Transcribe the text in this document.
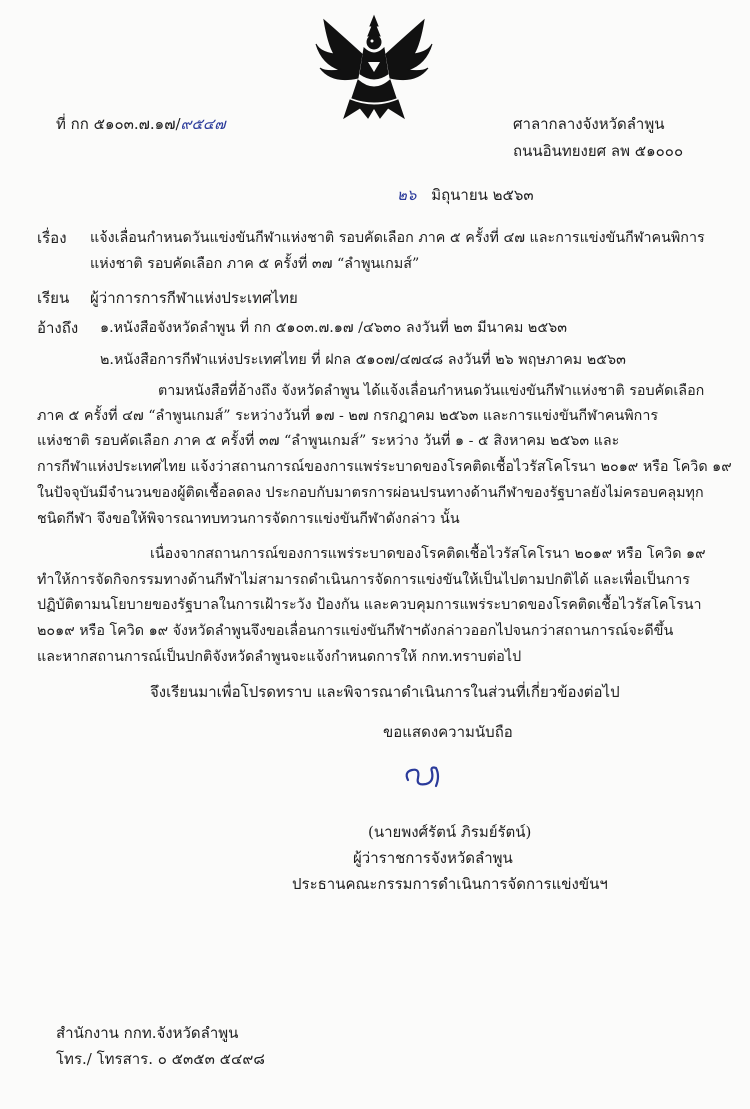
ที่ กก ๕๑๐๓.๗.๑๗/๙๕๔๗	ศาลากลางจังหวัดลำพูน
ถนนอินทยงยศ ลพ ๕๑๐๐๐
๒๖ มิถุนายน ๒๕๖๓
เรื่อง แจ้งเลื่อนกำหนดวันแข่งขันกีฬาแห่งชาติ รอบคัดเลือก ภาค ๕ ครั้งที่ ๔๗ และการแข่งขันกีฬาคนพิการ
แห่งชาติ รอบคัดเลือก ภาค ๕ ครั้งที่ ๓๗ “ลำพูนเกมส์”
เรียน ผู้ว่าการการกีฬาแห่งประเทศไทย
อ้างถึง ๑.หนังสือจังหวัดลำพูน ที่ กก ๕๑๐๓.๗.๑๗ /๔๖๓๐ ลงวันที่ ๒๓ มีนาคม ๒๕๖๓
๒.หนังสือการกีฬาแห่งประเทศไทย ที่ ฝกล ๕๑๐๗/๔๗๔๘ ลงวันที่ ๒๖ พฤษภาคม ๒๕๖๓
ตามหนังสือที่อ้างถึง จังหวัดลำพูน ได้แจ้งเลื่อนกำหนดวันแข่งขันกีฬาแห่งชาติ รอบคัดเลือก
ภาค ๕ ครั้งที่ ๔๗ “ลำพูนเกมส์” ระหว่างวันที่ ๑๗ - ๒๗ กรกฎาคม ๒๕๖๓ และการแข่งขันกีฬาคนพิการ
แห่งชาติ รอบคัดเลือก ภาค ๕ ครั้งที่ ๓๗ “ลำพูนเกมส์” ระหว่าง วันที่ ๑ - ๕ สิงหาคม ๒๕๖๓ และ
การกีฬาแห่งประเทศไทย แจ้งว่าสถานการณ์ของการแพร่ระบาดของโรคติดเชื้อไวรัสโคโรนา ๒๐๑๙ หรือ โควิด ๑๙
ในปัจจุบันมีจำนวนของผู้ติดเชื้อลดลง ประกอบกับมาตรการผ่อนปรนทางด้านกีฬาของรัฐบาลยังไม่ครอบคลุมทุก
ชนิดกีฬา จึงขอให้พิจารณาทบทวนการจัดการแข่งขันกีฬาดังกล่าว นั้น
เนื่องจากสถานการณ์ของการแพร่ระบาดของโรคติดเชื้อไวรัสโคโรนา ๒๐๑๙ หรือ โควิด ๑๙
ทำให้การจัดกิจกรรมทางด้านกีฬาไม่สามารถดำเนินการจัดการแข่งขันให้เป็นไปตามปกติได้ และเพื่อเป็นการ
ปฏิบัติตามนโยบายของรัฐบาลในการเฝ้าระวัง ป้องกัน และควบคุมการแพร่ระบาดของโรคติดเชื้อไวรัสโคโรนา
๒๐๑๙ หรือ โควิด ๑๙ จังหวัดลำพูนจึงขอเลื่อนการแข่งขันกีฬาฯดังกล่าวออกไปจนกว่าสถานการณ์จะดีขึ้น
และหากสถานการณ์เป็นปกติจังหวัดลำพูนจะแจ้งกำหนดการให้ กกท.ทราบต่อไป
จึงเรียนมาเพื่อโปรดทราบ และพิจารณาดำเนินการในส่วนที่เกี่ยวข้องต่อไป
ขอแสดงความนับถือ
(นายพงศ์รัตน์ ภิรมย์รัตน์)
ผู้ว่าราชการจังหวัดลำพูน
ประธานคณะกรรมการดำเนินการจัดการแข่งขันฯ
สำนักงาน กกท.จังหวัดลำพูน
โทร./ โทรสาร. ๐ ๕๓๕๓ ๕๔๙๘
